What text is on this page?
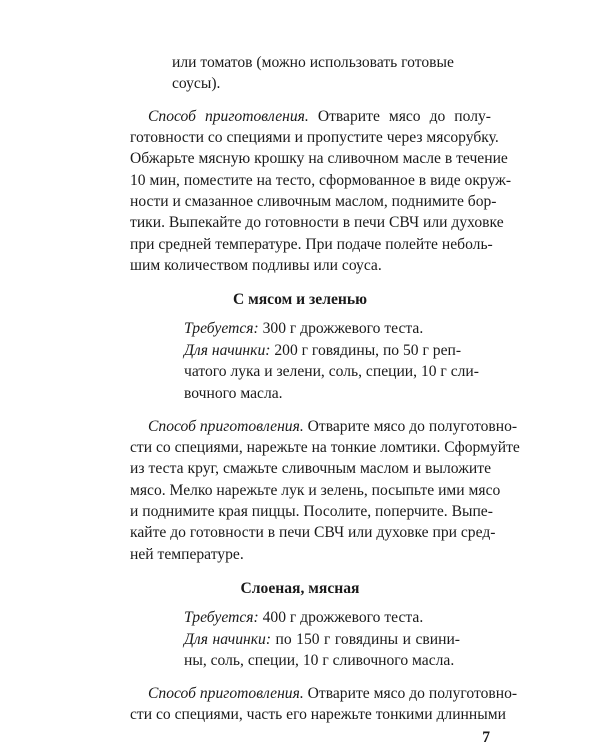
или томатов (можно использовать готовые

соусы).

Способ приготовления. Отварите мясо до полу-

готовности со специями и пропустите через мясорубку.

Обжарьте мясную крошку на сливочном масле в течение

10 мин, поместите на тесто, сформованное в виде окруж-

ности и смазанное сливочным маслом, поднимите бор-

тики. Выпекайте до готовности в печи СВЧ или духовке

при средней температуре. При подаче полейте неболь-

шим количеством подливы или соуса.

С мясом и зеленью

Требуется: 300 г дрожжевого теста.

Для начинки: 200 г говядины, по 50 г реп-

чатого лука и зелени, соль, специи, 10 г сли-

вочного масла.

Способ приготовления. Отварите мясо до полуготовно-

сти со специями, нарежьте на тонкие ломтики. Сформуйте

из теста круг, смажьте сливочным маслом и выложите

мясо. Мелко нарежьте лук и зелень, посыпьте ими мясо

и поднимите края пиццы. Посолите, поперчите. Выпе-

кайте до готовности в печи СВЧ или духовке при сред-

ней температуре.

Слоеная, мясная

Требуется: 400 г дрожжевого теста.

Для начинки: по 150 г говядины и свини-

ны, соль, специи, 10 г сливочного масла.

Способ приготовления. Отварите мясо до полуготовно-

сти со специями, часть его нарежьте тонкими длинными

7
